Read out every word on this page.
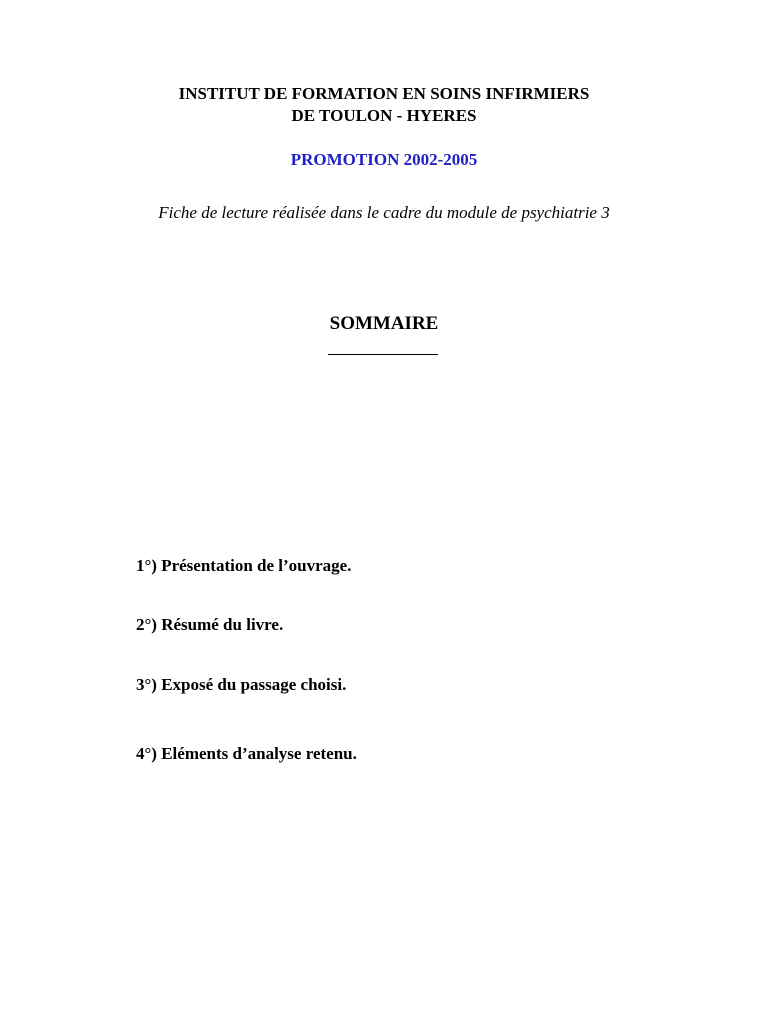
INSTITUT DE FORMATION EN SOINS INFIRMIERS
DE TOULON - HYERES
PROMOTION 2002-2005
Fiche de lecture réalisée dans le cadre du module de psychiatrie 3
SOMMAIRE
1°) Présentation de l’ouvrage.
2°) Résumé du livre.
3°) Exposé du passage choisi.
4°) Eléments d’analyse retenu.
